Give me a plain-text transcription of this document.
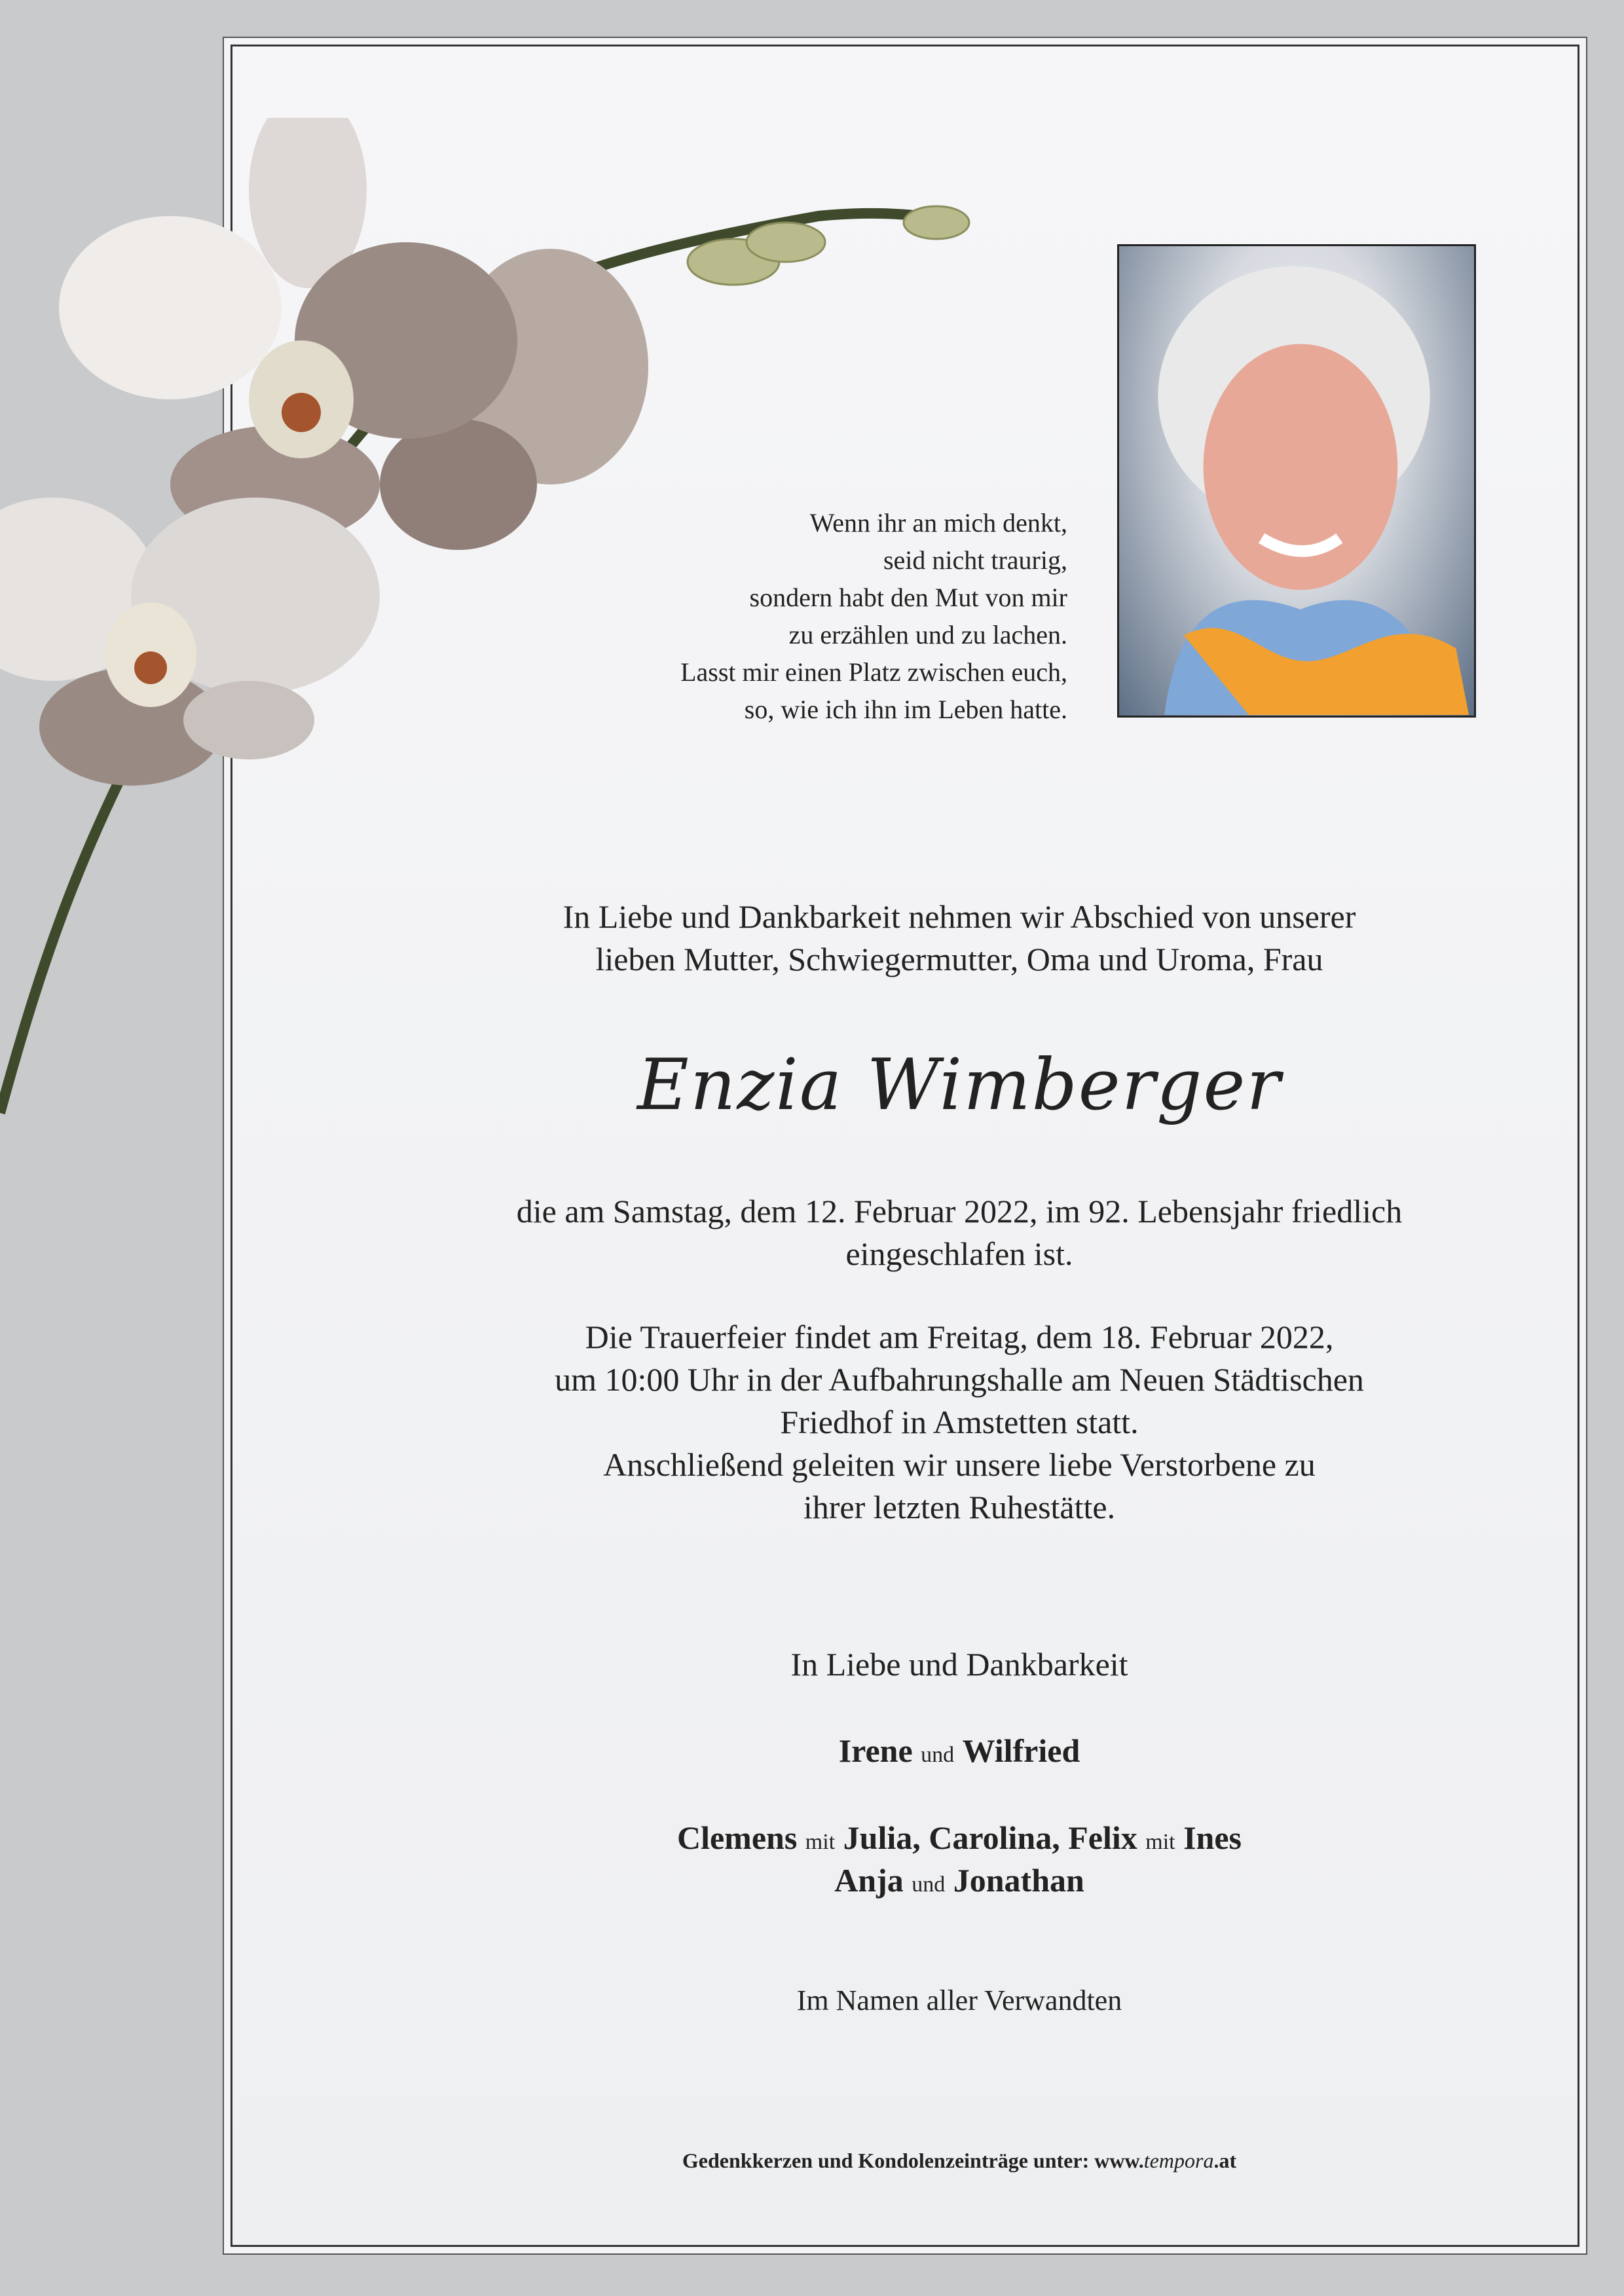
Wenn ihr an mich denkt,
seid nicht traurig,
sondern habt den Mut von mir
zu erzählen und zu lachen.
Lasst mir einen Platz zwischen euch,
so, wie ich ihn im Leben hatte.
In Liebe und Dankbarkeit nehmen wir Abschied von unserer
lieben Mutter, Schwiegermutter, Oma und Uroma, Frau
Enzia Wimberger
die am Samstag, dem 12. Februar 2022, im 92. Lebensjahr friedlich
eingeschlafen ist.
Die Trauerfeier findet am Freitag, dem 18. Februar 2022,
um 10:00 Uhr in der Aufbahrungshalle am Neuen Städtischen
Friedhof in Amstetten statt.
Anschließend geleiten wir unsere liebe Verstorbene zu
ihrer letzten Ruhestätte.
In Liebe und Dankbarkeit
Irene und Wilfried
Clemens mit Julia, Carolina, Felix mit Ines
Anja und Jonathan
Im Namen aller Verwandten
Gedenkkerzen und Kondolenzeinträge unter: www.tempora.at
